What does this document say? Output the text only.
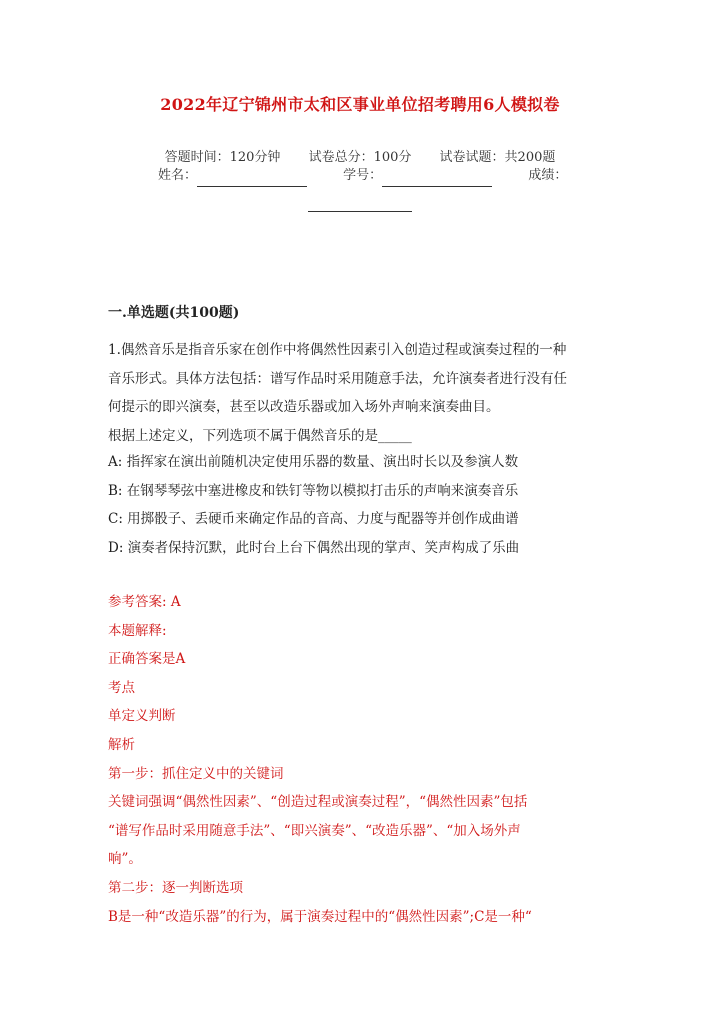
2022年辽宁锦州市太和区事业单位招考聘用6人模拟卷
答题时间：120分钟 试卷总分：100分 试卷试题：共200题
姓名：	学号：	成绩：
一.单选题(共100题)

1.偶然音乐是指音乐家在创作中将偶然性因素引入创造过程或演奏过程的一种

音乐形式。具体方法包括：谱写作品时采用随意手法，允许演奏者进行没有任

何提示的即兴演奏，甚至以改造乐器或加入场外声响来演奏曲目。

根据上述定义，下列选项不属于偶然音乐的是_____

A: 指挥家在演出前随机决定使用乐器的数量、演出时长以及参演人数

B: 在钢琴琴弦中塞进橡皮和铁钉等物以模拟打击乐的声响来演奏音乐

C: 用掷骰子、丢硬币来确定作品的音高、力度与配器等并创作成曲谱

D: 演奏者保持沉默，此时台上台下偶然出现的掌声、笑声构成了乐曲

参考答案: A

本题解释:

正确答案是A

考点

单定义判断

解析

第一步：抓住定义中的关键词

关键词强调“偶然性因素”、“创造过程或演奏过程”，“偶然性因素”包括

“谱写作品时采用随意手法”、“即兴演奏”、“改造乐器”、“加入场外声

响”。

第二步：逐一判断选项

B是一种“改造乐器”的行为，属于演奏过程中的“偶然性因素”;C是一种“
